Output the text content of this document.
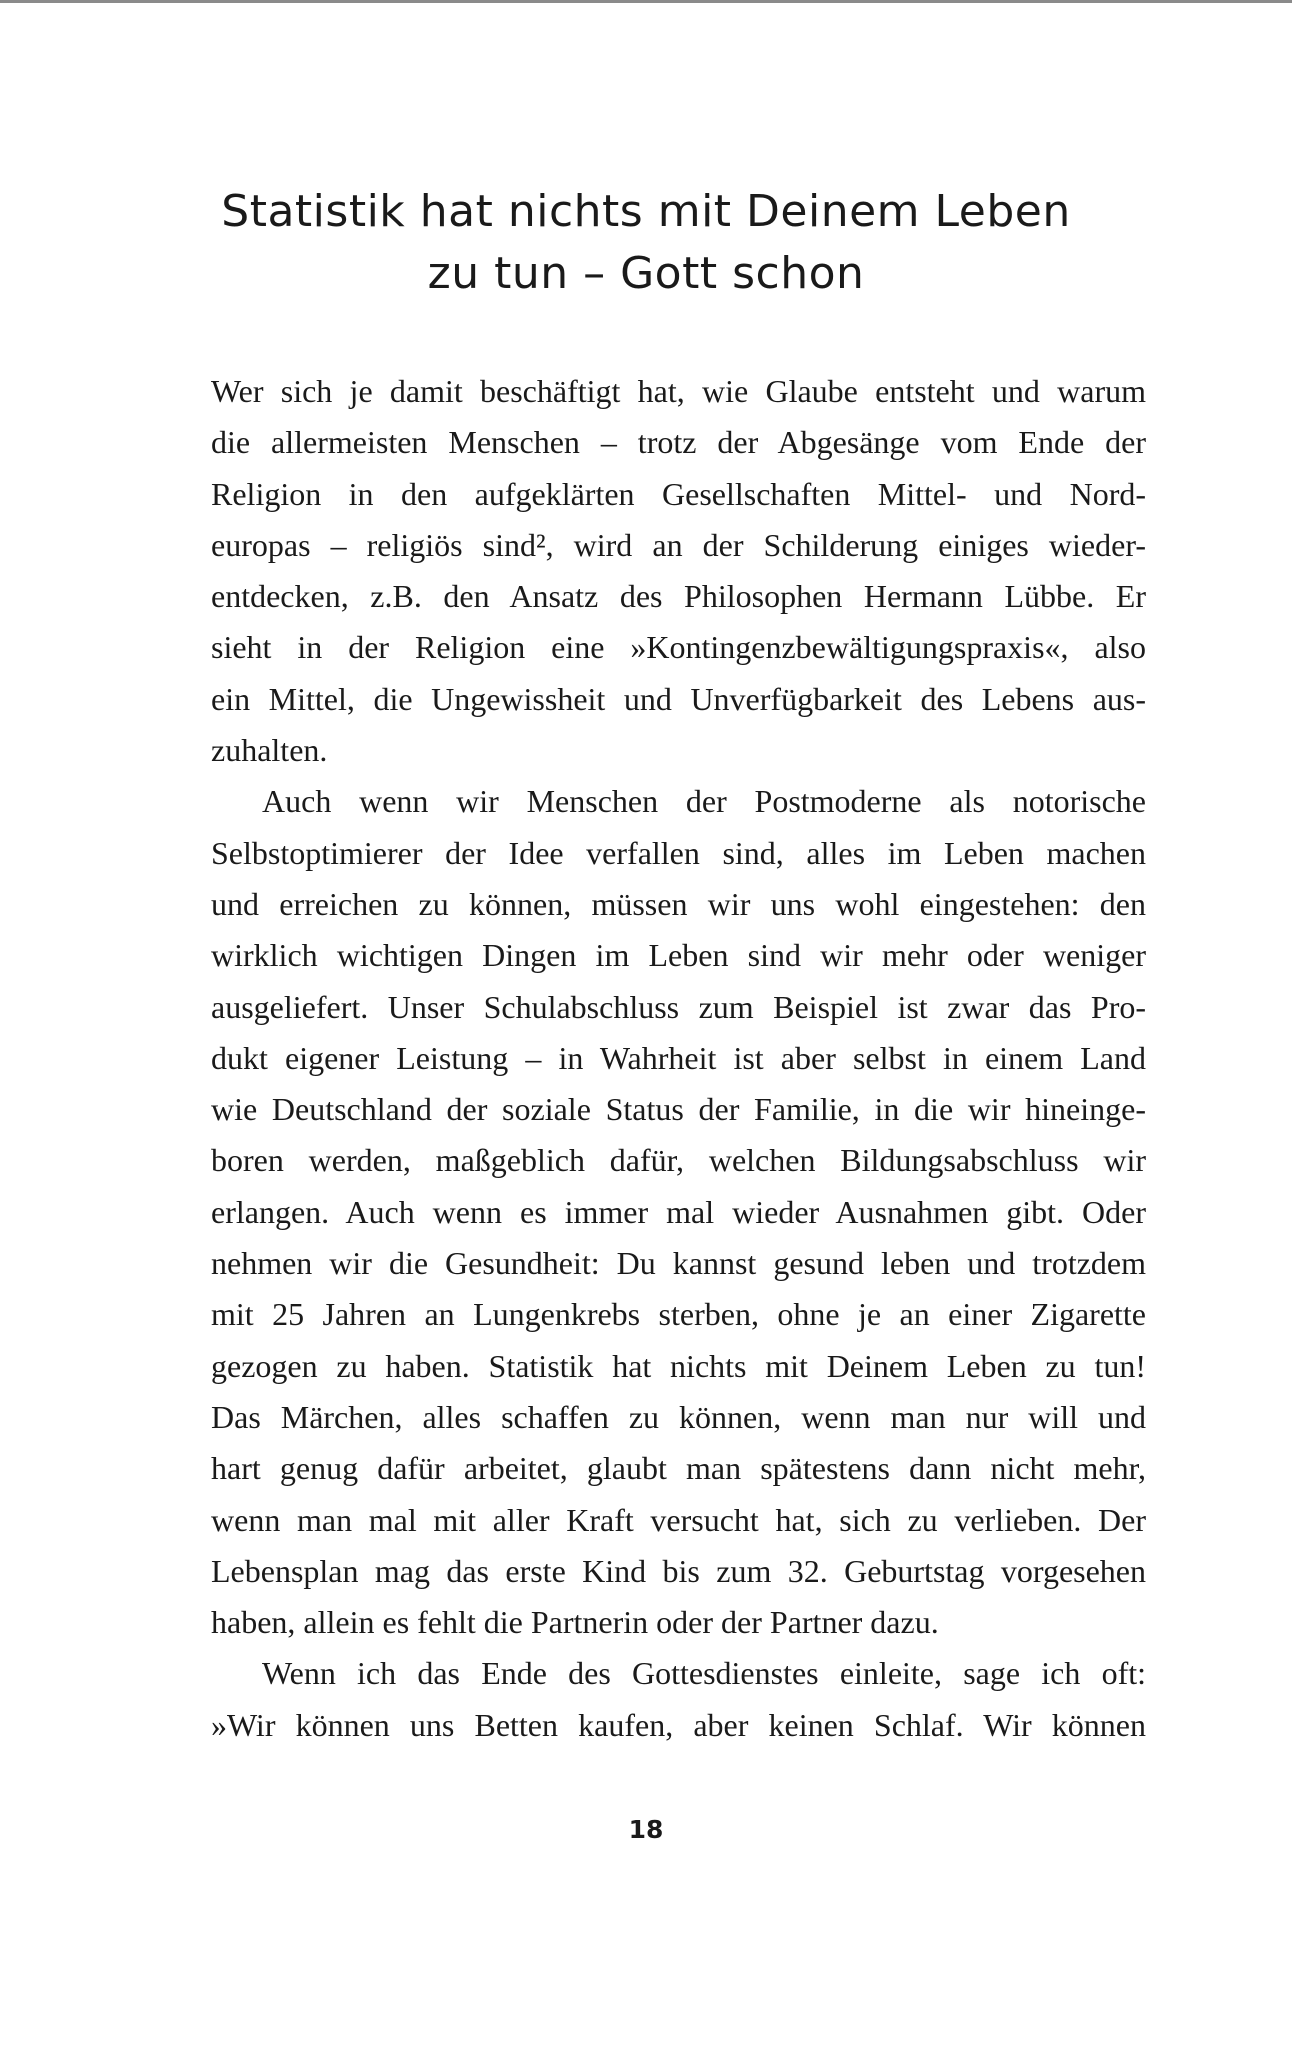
Statistik hat nichts mit Deinem Leben
zu tun – Gott schon
Wer sich je damit beschäftigt hat, wie Glaube entsteht und warum
die allermeisten Menschen – trotz der Abgesänge vom Ende der
Religion in den aufgeklärten Gesellschaften Mittel- und Nord-
europas – religiös sind², wird an der Schilderung einiges wieder-
entdecken, z.B. den Ansatz des Philosophen Hermann Lübbe. Er
sieht in der Religion eine »Kontingenzbewältigungspraxis«, also
ein Mittel, die Ungewissheit und Unverfügbarkeit des Lebens aus-
zuhalten.
Auch wenn wir Menschen der Postmoderne als notorische
Selbstoptimierer der Idee verfallen sind, alles im Leben machen
und erreichen zu können, müssen wir uns wohl eingestehen: den
wirklich wichtigen Dingen im Leben sind wir mehr oder weniger
ausgeliefert. Unser Schulabschluss zum Beispiel ist zwar das Pro-
dukt eigener Leistung – in Wahrheit ist aber selbst in einem Land
wie Deutschland der soziale Status der Familie, in die wir hineinge-
boren werden, maßgeblich dafür, welchen Bildungsabschluss wir
erlangen. Auch wenn es immer mal wieder Ausnahmen gibt. Oder
nehmen wir die Gesundheit: Du kannst gesund leben und trotzdem
mit 25 Jahren an Lungenkrebs sterben, ohne je an einer Zigarette
gezogen zu haben. Statistik hat nichts mit Deinem Leben zu tun!
Das Märchen, alles schaffen zu können, wenn man nur will und
hart genug dafür arbeitet, glaubt man spätestens dann nicht mehr,
wenn man mal mit aller Kraft versucht hat, sich zu verlieben. Der
Lebensplan mag das erste Kind bis zum 32. Geburtstag vorgesehen
haben, allein es fehlt die Partnerin oder der Partner dazu.
Wenn ich das Ende des Gottesdienstes einleite, sage ich oft:
»Wir können uns Betten kaufen, aber keinen Schlaf. Wir können
18
